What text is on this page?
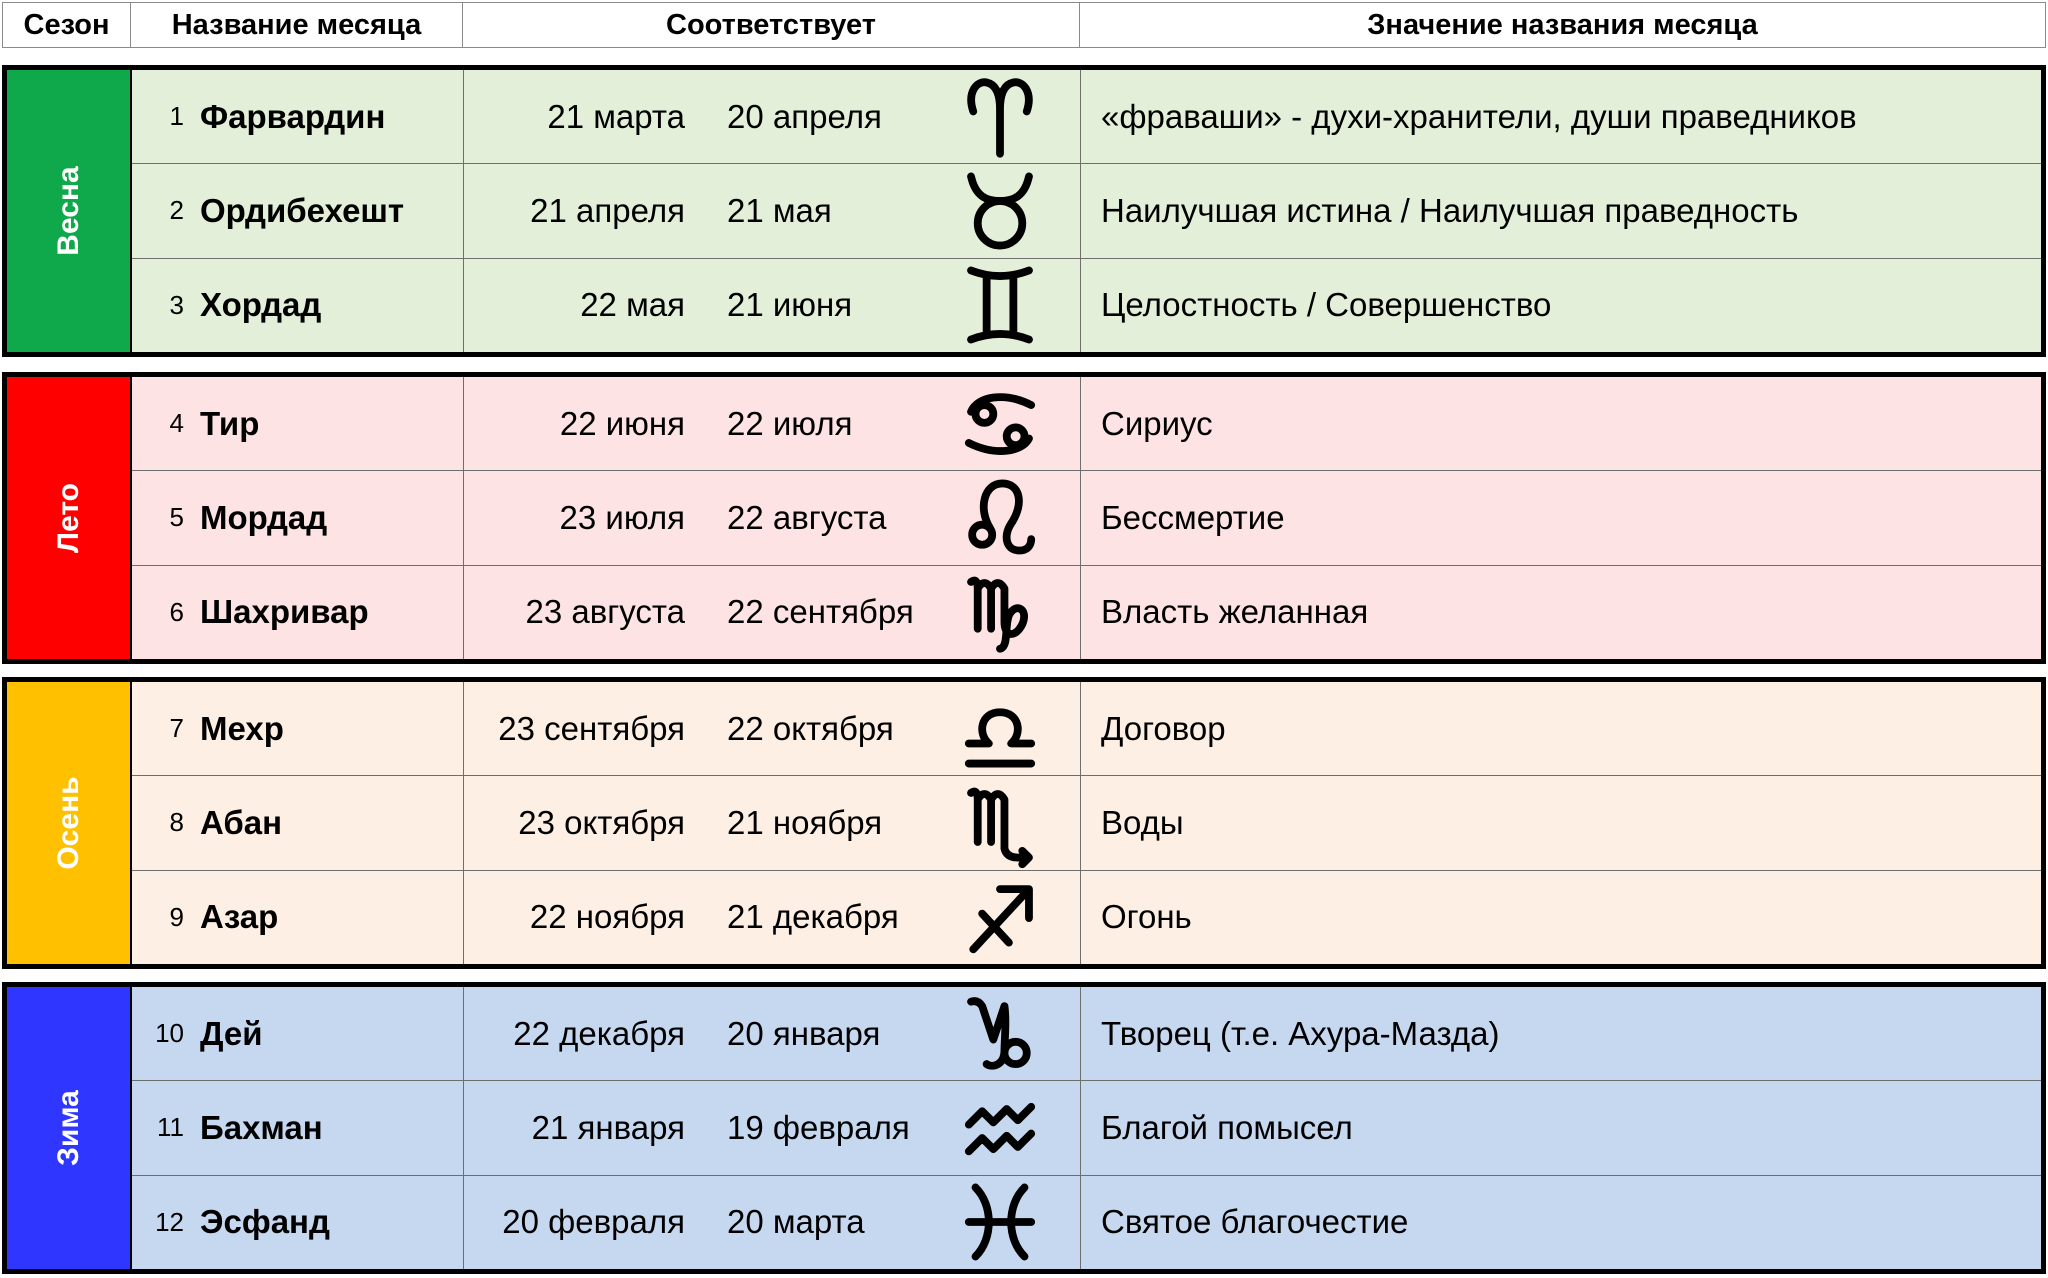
Сезон	Название месяца	Соответствует	Значение названия месяца
Весна
1 Фарвардин	21 марта	20 апреля	«фраваши» - духи-хранители, души праведников
2 Ордибехешт	21 апреля	21 мая	Наилучшая истина / Наилучшая праведность
3 Хордад	22 мая	21 июня	Целостность / Совершенство
Лето
4 Тир	22 июня	22 июля	Сириус
5 Мордад	23 июля	22 августа	Бессмертие
6 Шахривар	23 августа	22 сентября	Власть желанная
Осень
7 Мехр	23 сентября	22 октября	Договор
8 Абан	23 октября	21 ноября	Воды
9 Азар	22 ноября	21 декабря	Огонь
Зима
10 Дей	22 декабря	20 января	Творец (т.е. Ахура-Мазда)
11 Бахман	21 января	19 февраля	Благой помысел
12 Эсфанд	20 февраля	20 марта	Святое благочестие
